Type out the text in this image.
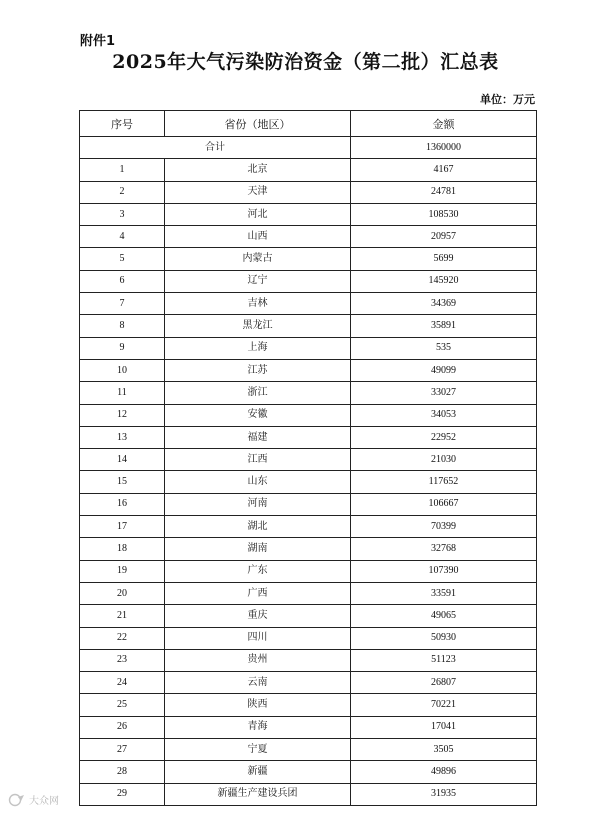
附件1
2025年大气污染防治资金（第二批）汇总表
单位：万元
序号	省份（地区）	金额
合计		1360000
1	北京	4167
2	天津	24781
3	河北	108530
4	山西	20957
5	内蒙古	5699
6	辽宁	145920
7	吉林	34369
8	黑龙江	35891
9	上海	535
10	江苏	49099
11	浙江	33027
12	安徽	34053
13	福建	22952
14	江西	21030
15	山东	117652
16	河南	106667
17	湖北	70399
18	湖南	32768
19	广东	107390
20	广西	33591
21	重庆	49065
22	四川	50930
23	贵州	51123
24	云南	26807
25	陕西	70221
26	青海	17041
27	宁夏	3505
28	新疆	49896
29	新疆生产建设兵团	31935
大众网
